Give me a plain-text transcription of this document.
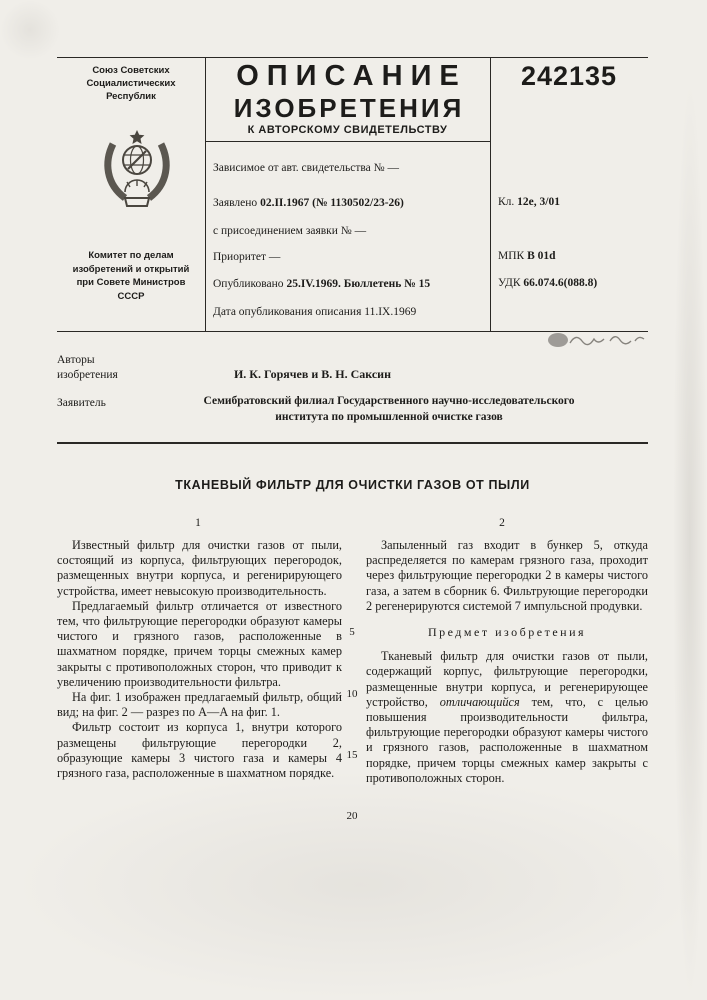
Союз Советских
Социалистических
Республик
Комитет по делам
изобретений и открытий
при Совете Министров
СССР
ОПИСАНИЕ
ИЗОБРЕТЕНИЯ
К АВТОРСКОМУ СВИДЕТЕЛЬСТВУ
Зависимое от авт. свидетельства № —
Заявлено 02.II.1967 (№ 1130502/23-26)
с присоединением заявки № —
Приоритет —
Опубликовано 25.IV.1969. Бюллетень № 15
Дата опубликования описания 11.IX.1969
242135
Кл. 12е, 3/01
МПК В 01d
УДК 66.074.6(088.8)
Авторы
изобретения	И. К. Горячев и В. Н. Саксин
Заявитель	Семибратовский филиал Государственного научно-исследовательского
института по промышленной очистке газов
ТКАНЕВЫЙ ФИЛЬТР ДЛЯ ОЧИСТКИ ГАЗОВ ОТ ПЫЛИ
1	2

Известный фильтр для очистки газов от пыли, состоящий из корпуса, фильтрующих перегородок, размещенных внутри корпуса, и регенирирующего устройства, имеет невысокую производительность.

Предлагаемый фильтр отличается от известного тем, что фильтрующие перегородки образуют камеры чистого и грязного газов, расположенные в шахматном порядке, причем торцы смежных камер закрыты с противоположных сторон, что приводит к увеличению производительности фильтра.

На фиг. 1 изображен предлагаемый фильтр, общий вид; на фиг. 2 — разрез по А—А на фиг. 1.

Фильтр состоит из корпуса 1, внутри которого размещены фильтрующие перегородки 2, образующие камеры 3 чистого газа и камеры 4 грязного газа, расположенные в шахматном порядке.

Запыленный газ входит в бункер 5, откуда распределяется по камерам грязного газа, проходит через фильтрующие перегородки 2 в камеры чистого газа, а затем в сборник 6. Фильтрующие перегородки 2 регенерируются системой 7 импульсной продувки.

Предмет изобретения

Тканевый фильтр для очистки газов от пыли, содержащий корпус, фильтрующие перегородки, размещенные внутри корпуса, и регенерирующее устройство, отличающийся тем, что, с целью повышения производительности фильтра, фильтрующие перегородки образуют камеры чистого и грязного газов, расположенные в шахматном порядке, причем торцы смежных камер закрыты с противоположных сторон.

5
10
15
20
